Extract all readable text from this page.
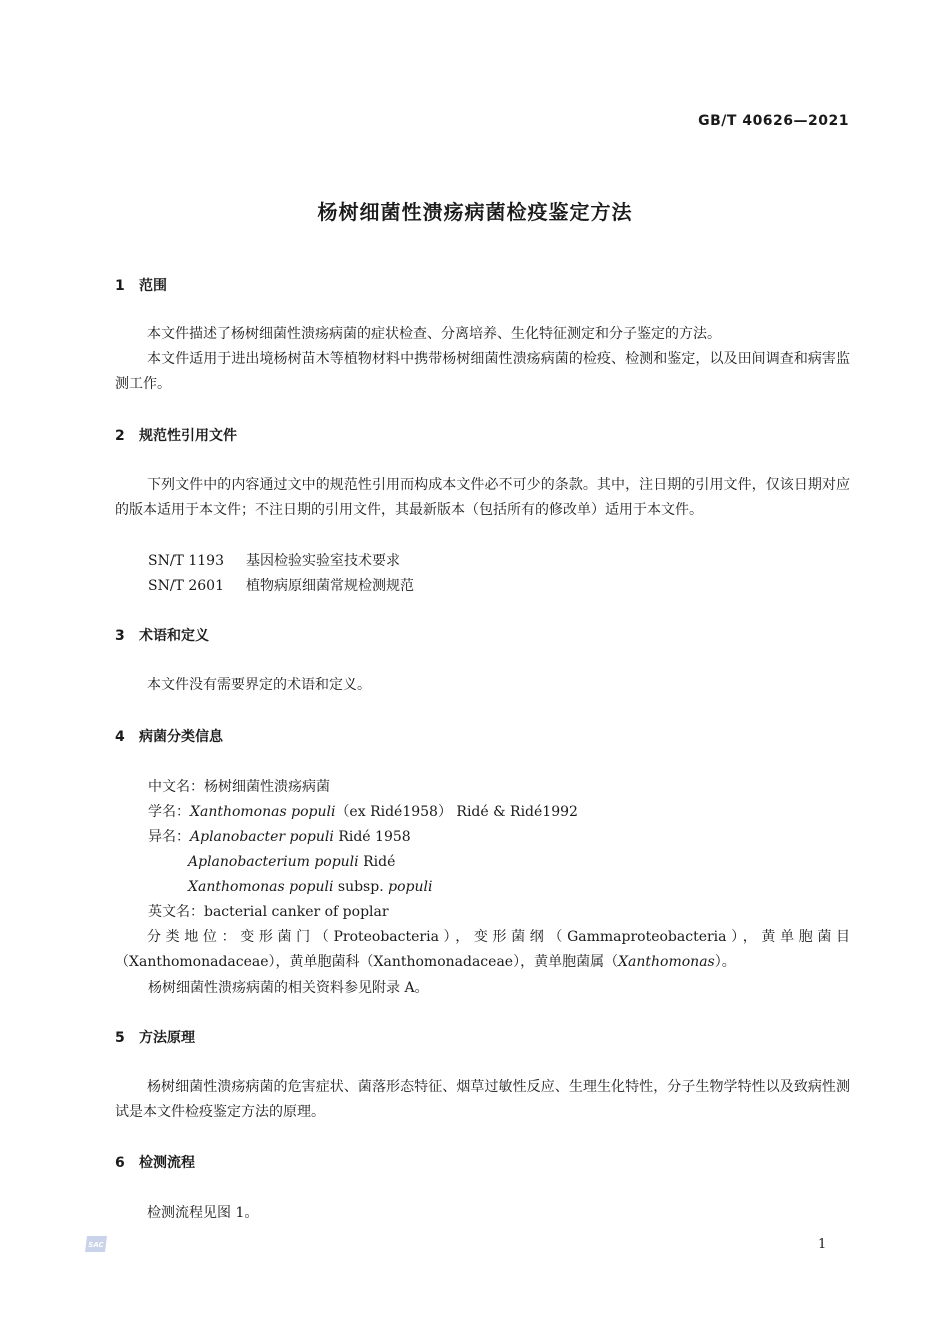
GB/T 40626—2021
杨树细菌性溃疡病菌检疫鉴定方法
1 范围

本文件描述了杨树细菌性溃疡病菌的症状检查、分离培养、生化特征测定和分子鉴定的方法。

本文件适用于进出境杨树苗木等植物材料中携带杨树细菌性溃疡病菌的检疫、检测和鉴定，以及田间调查和病害监测工作。

2 规范性引用文件

下列文件中的内容通过文中的规范性引用而构成本文件必不可少的条款。其中，注日期的引用文件，仅该日期对应的版本适用于本文件；不注日期的引用文件，其最新版本（包括所有的修改单）适用于本文件。

SN/T 1193 基因检验实验室技术要求
SN/T 2601 植物病原细菌常规检测规范
3 术语和定义

本文件没有需要界定的术语和定义。

4 病菌分类信息
中文名：杨树细菌性溃疡病菌
学名：Xanthomonas populi（ex Ridé1958） Ridé & Ridé1992
异名：Aplanobacter populi Ridé 1958
Aplanobacterium populi Ridé
Xanthomonas populi subsp. populi
英文名：bacterial canker of poplar

分类地位：变形菌门（Proteobacteria），变形菌纲（Gammaproteobacteria），黄单胞菌目（Xanthomonadaceae），黄单胞菌科（Xanthomonadaceae），黄单胞菌属（Xanthomonas）。

杨树细菌性溃疡病菌的相关资料参见附录 A。
5 方法原理

杨树细菌性溃疡病菌的危害症状、菌落形态特征、烟草过敏性反应、生理生化特性，分子生物学特性以及致病性测试是本文件检疫鉴定方法的原理。

6 检测流程

检测流程见图 1。

SAC	1
